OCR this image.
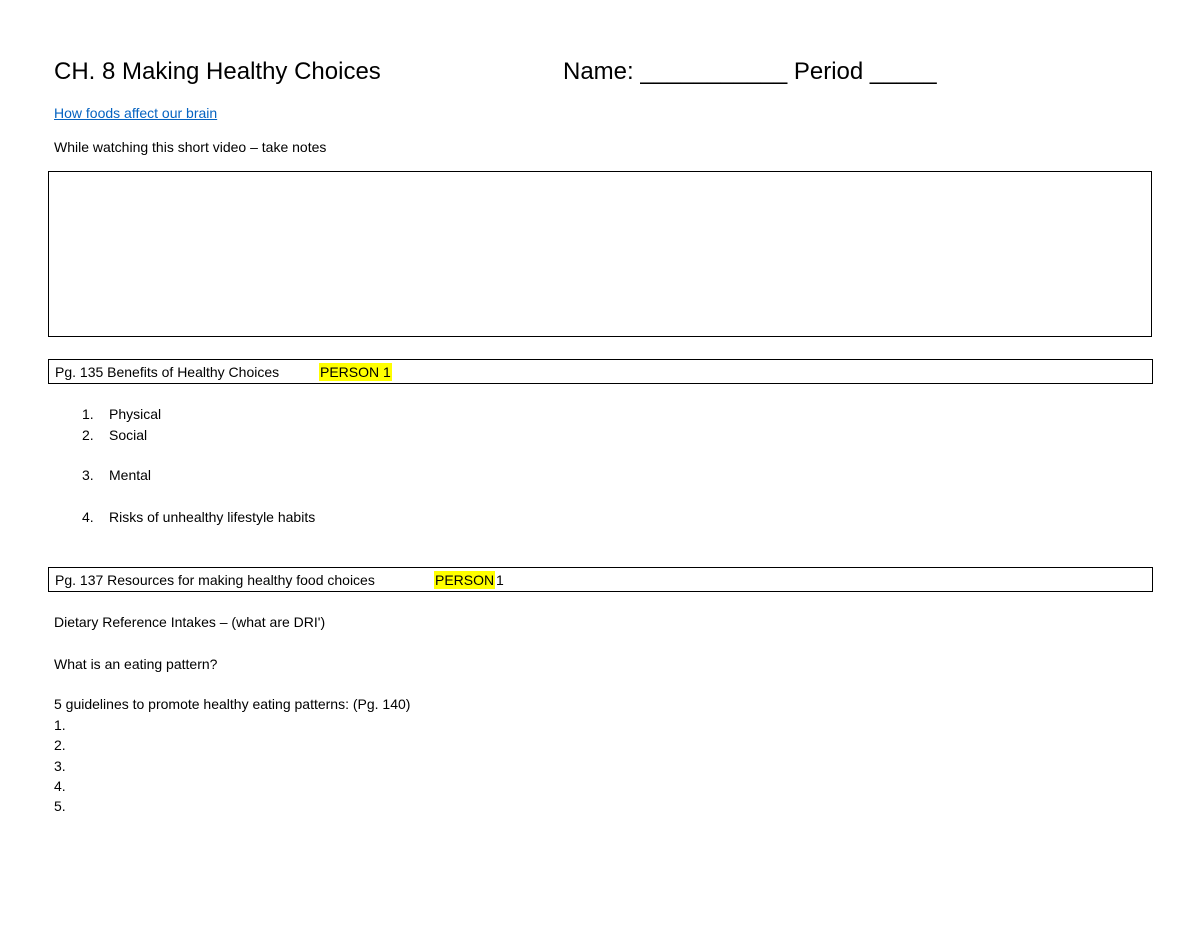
CH. 8 Making Healthy Choices	Name: ___________ Period _____
How foods affect our brain
While watching this short video – take notes
Pg. 135 Benefits of Healthy Choices	PERSON 1
1. Physical
2. Social
3. Mental
4. Risks of unhealthy lifestyle habits
Pg. 137 Resources for making healthy food choices	PERSON 1
Dietary Reference Intakes – (what are DRI')
What is an eating pattern?
5 guidelines to promote healthy eating patterns: (Pg. 140)
1.
2.
3.
4.
5.
